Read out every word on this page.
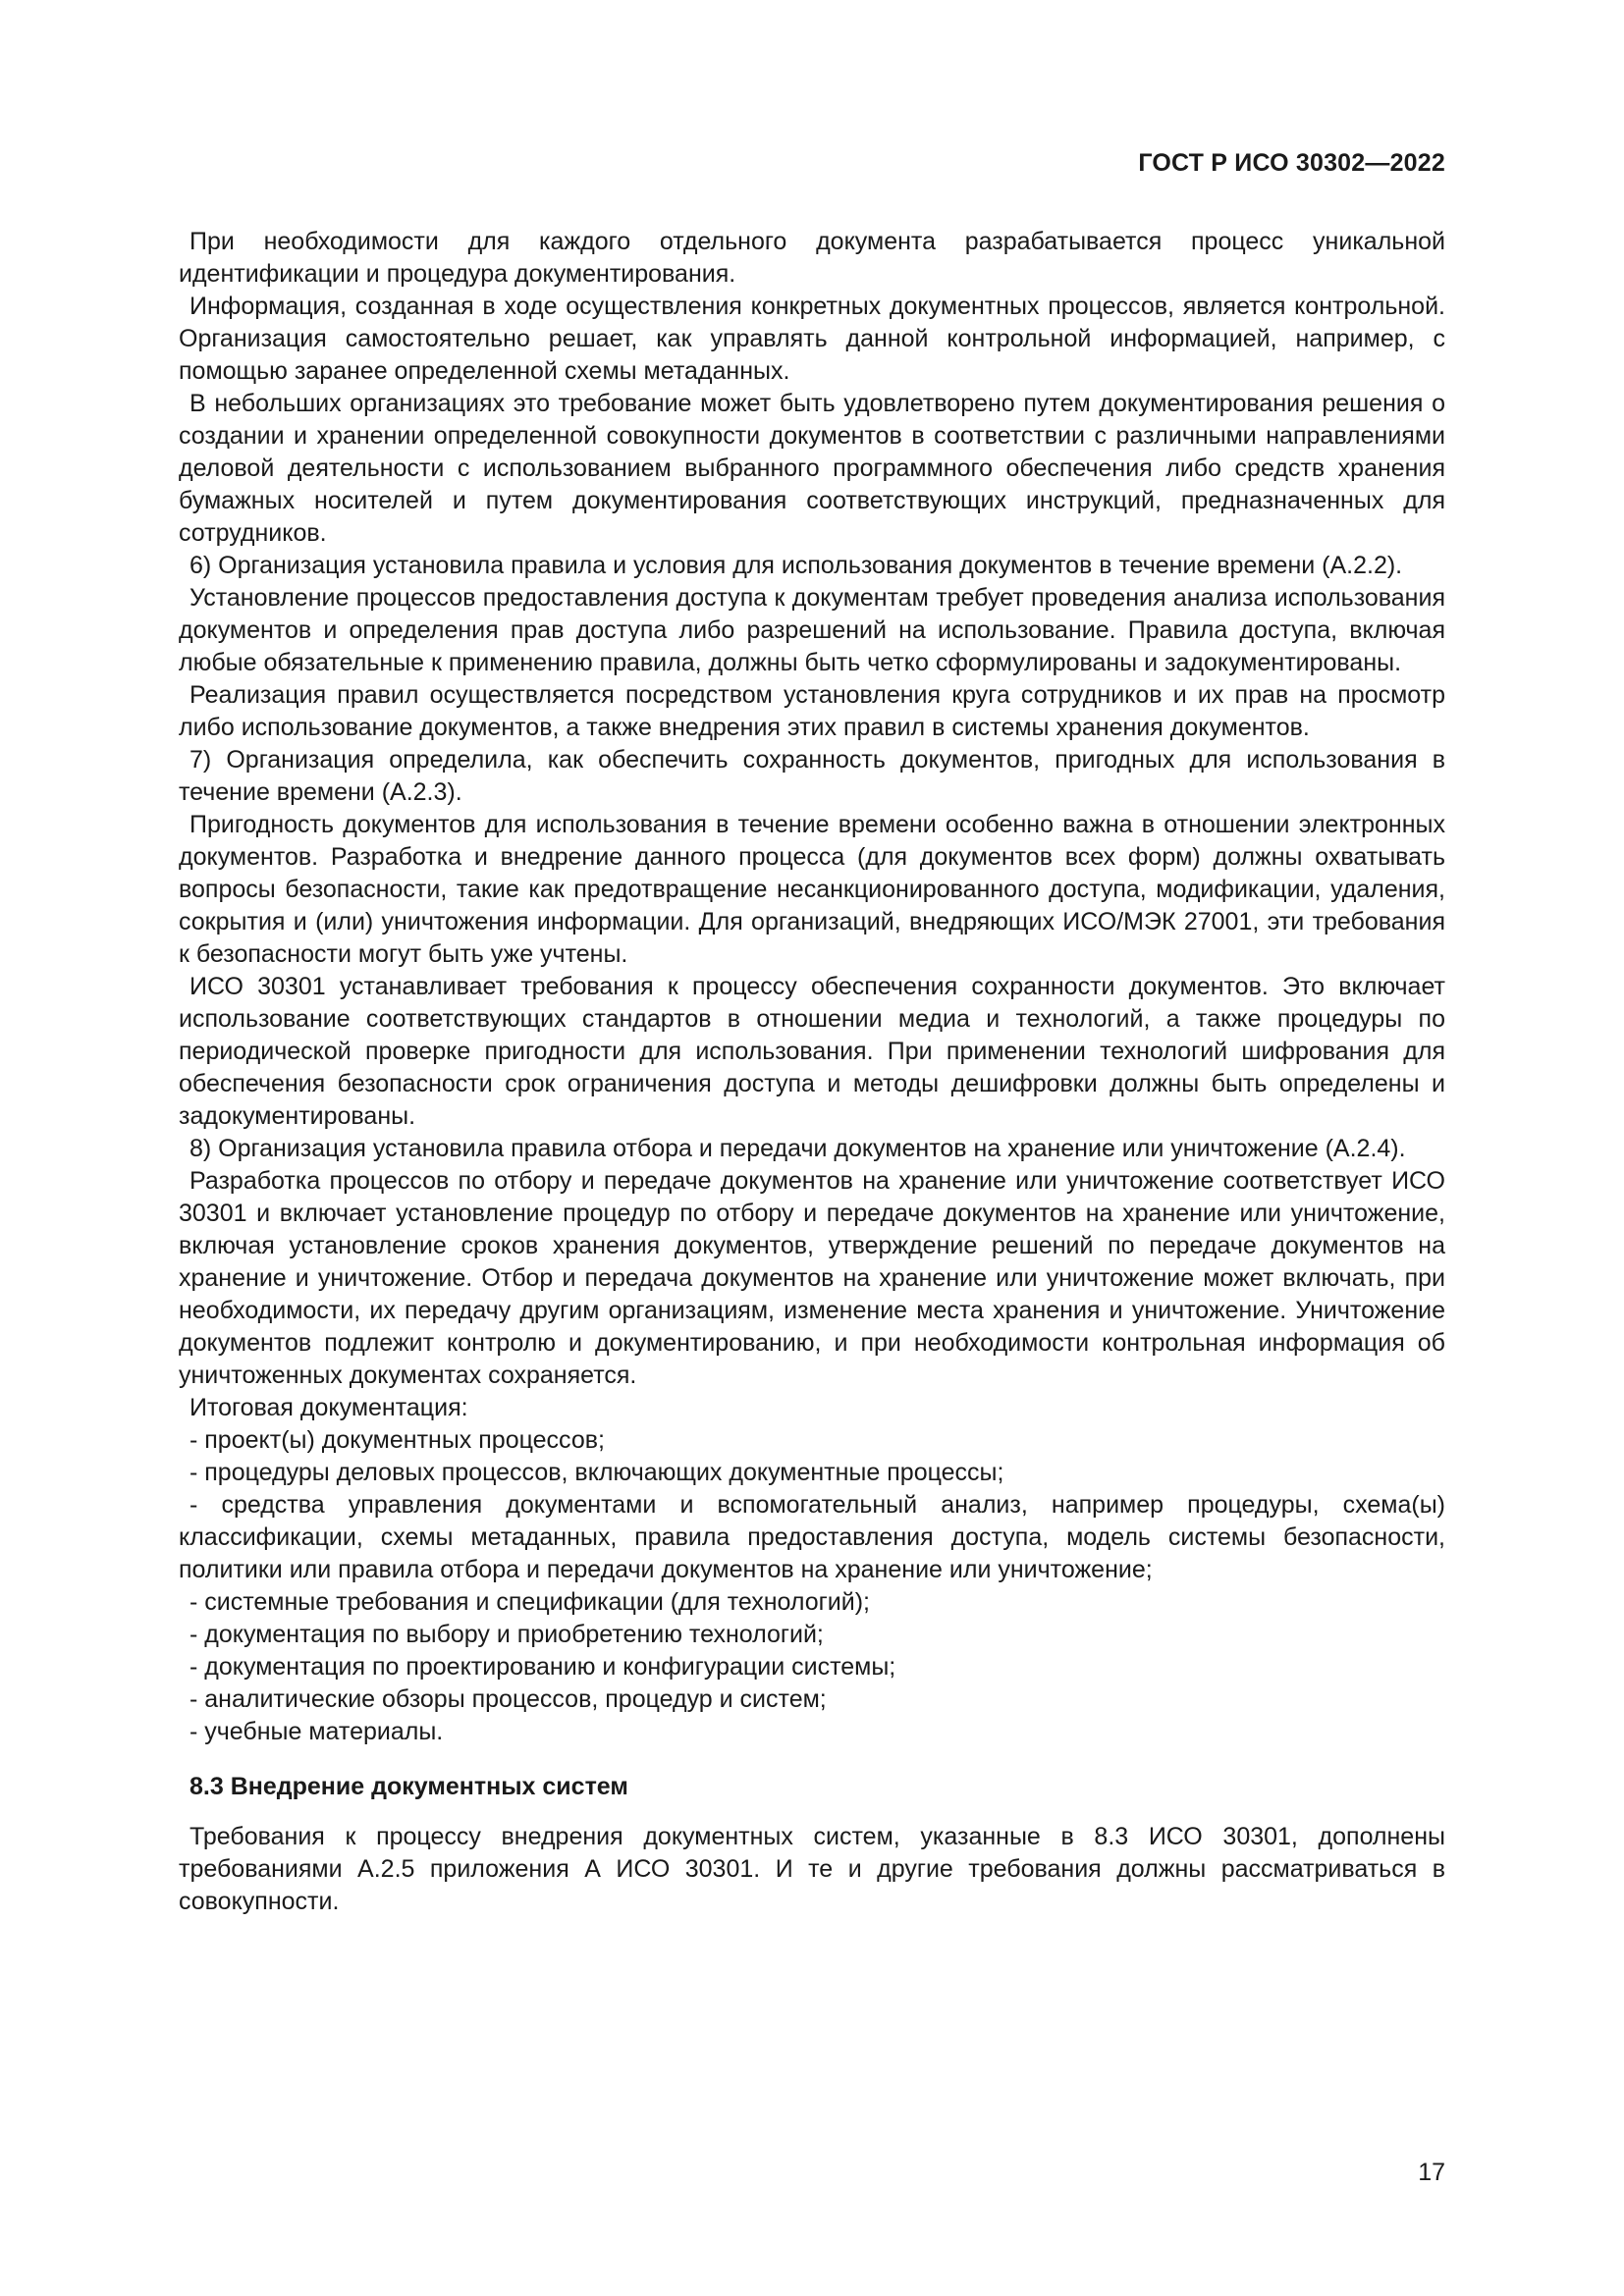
ГОСТ Р ИСО 30302—2022

При необходимости для каждого отдельного документа разрабатывается процесс уникальной идентификации и процедура документирования.

Информация, созданная в ходе осуществления конкретных документных процессов, является контрольной. Организация самостоятельно решает, как управлять данной контрольной информацией, например, с помощью заранее определенной схемы метаданных.

В небольших организациях это требование может быть удовлетворено путем документирования решения о создании и хранении определенной совокупности документов в соответствии с различными направлениями деловой деятельности с использованием выбранного программного обеспечения либо средств хранения бумажных носителей и путем документирования соответствующих инструкций, предназначенных для сотрудников.

6) Организация установила правила и условия для использования документов в течение времени (А.2.2).

Установление процессов предоставления доступа к документам требует проведения анализа использования документов и определения прав доступа либо разрешений на использование. Правила доступа, включая любые обязательные к применению правила, должны быть четко сформулированы и задокументированы.

Реализация правил осуществляется посредством установления круга сотрудников и их прав на просмотр либо использование документов, а также внедрения этих правил в системы хранения документов.

7) Организация определила, как обеспечить сохранность документов, пригодных для использования в течение времени (А.2.3).

Пригодность документов для использования в течение времени особенно важна в отношении электронных документов. Разработка и внедрение данного процесса (для документов всех форм) должны охватывать вопросы безопасности, такие как предотвращение несанкционированного доступа, модификации, удаления, сокрытия и (или) уничтожения информации. Для организаций, внедряющих ИСО/МЭК 27001, эти требования к безопасности могут быть уже учтены.

ИСО 30301 устанавливает требования к процессу обеспечения сохранности документов. Это включает использование соответствующих стандартов в отношении медиа и технологий, а также процедуры по периодической проверке пригодности для использования. При применении технологий шифрования для обеспечения безопасности срок ограничения доступа и методы дешифровки должны быть определены и задокументированы.

8) Организация установила правила отбора и передачи документов на хранение или уничтожение (А.2.4).

Разработка процессов по отбору и передаче документов на хранение или уничтожение соответствует ИСО 30301 и включает установление процедур по отбору и передаче документов на хранение или уничтожение, включая установление сроков хранения документов, утверждение решений по передаче документов на хранение и уничтожение. Отбор и передача документов на хранение или уничтожение может включать, при необходимости, их передачу другим организациям, изменение места хранения и уничтожение. Уничтожение документов подлежит контролю и документированию, и при необходимости контрольная информация об уничтоженных документах сохраняется.

Итоговая документация:

- проект(ы) документных процессов;

- процедуры деловых процессов, включающих документные процессы;

- средства управления документами и вспомогательный анализ, например процедуры, схема(ы) классификации, схемы метаданных, правила предоставления доступа, модель системы безопасности, политики или правила отбора и передачи документов на хранение или уничтожение;

- системные требования и спецификации (для технологий);

- документация по выбору и приобретению технологий;

- документация по проектированию и конфигурации системы;

- аналитические обзоры процессов, процедур и систем;

- учебные материалы.

8.3 Внедрение документных систем

Требования к процессу внедрения документных систем, указанные в 8.3 ИСО 30301, дополнены требованиями А.2.5 приложения А ИСО 30301. И те и другие требования должны рассматриваться в совокупности.

17
